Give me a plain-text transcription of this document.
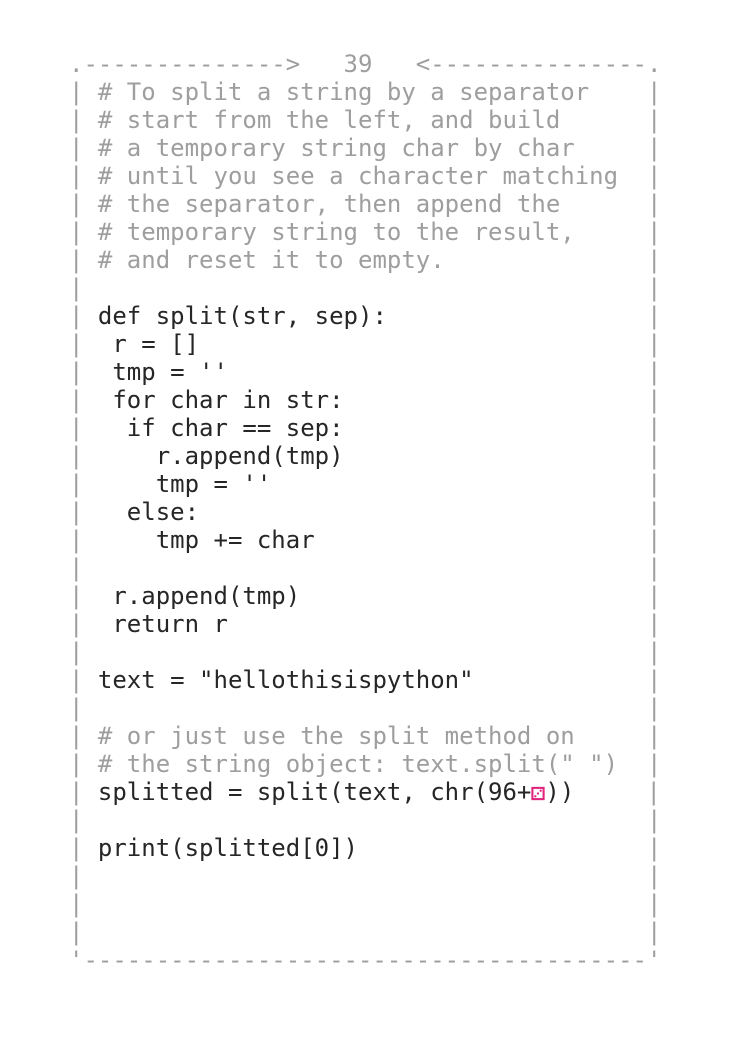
.-------------->   39   <---------------.
| # To split a string by a separator    |
| # start from the left, and build      |
| # a temporary string char by char     |
| # until you see a character matching  |
| # the separator, then append the      |
| # temporary string to the result,     |
| # and reset it to empty.              |
|	|
| def split(str, sep):                  |
|  r = []                               |
|  tmp = ''                             |
|  for char in str:                     |
|   if char == sep:                     |
|     r.append(tmp)                     |
|     tmp = ''                          |
|   else:                               |
|     tmp += char                       |
|	|
|  r.append(tmp)                        |
|  return r                             |
|	|
| text = "hellothisispython"            |
|	|
| # or just use the split method on     |
| # the string object: text.split(" ")  |
| splitted = split(text, chr(96+ ))     |
|	|
| print(splitted[0])                    |
|	|
|	|
|	|
'---------------------------------------'
